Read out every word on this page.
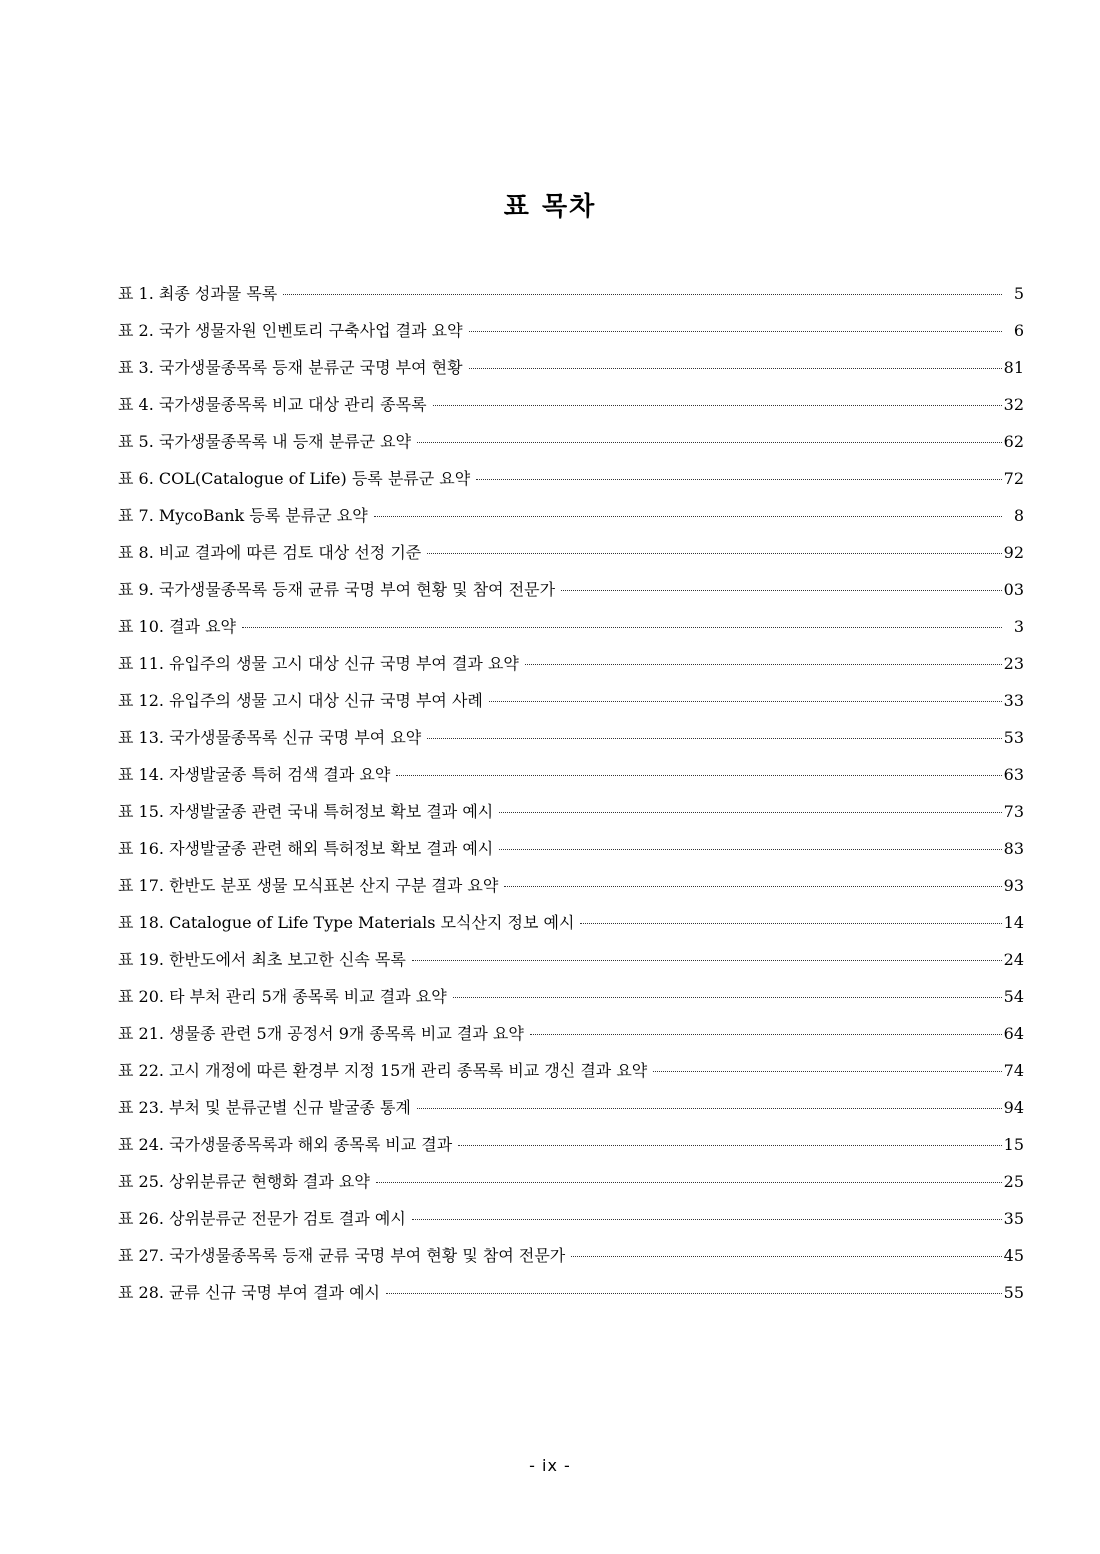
표 목차
표 1. 최종 성과물 목록	5
표 2. 국가 생물자원 인벤토리 구축사업 결과 요약	6
표 3. 국가생물종목록 등재 분류군 국명 부여 현황	81
표 4. 국가생물종목록 비교 대상 관리 종목록	32
표 5. 국가생물종목록 내 등재 분류군 요약	62
표 6. COL(Catalogue of Life) 등록 분류군 요약	72
표 7. MycoBank 등록 분류군 요약	8
표 8. 비교 결과에 따른 검토 대상 선정 기준	92
표 9. 국가생물종목록 등재 균류 국명 부여 현황 및 참여 전문가	03
표 10. 결과 요약	3
표 11. 유입주의 생물 고시 대상 신규 국명 부여 결과 요약	23
표 12. 유입주의 생물 고시 대상 신규 국명 부여 사례	33
표 13. 국가생물종목록 신규 국명 부여 요약	53
표 14. 자생발굴종 특허 검색 결과 요약	63
표 15. 자생발굴종 관련 국내 특허정보 확보 결과 예시	73
표 16. 자생발굴종 관련 해외 특허정보 확보 결과 예시	83
표 17. 한반도 분포 생물 모식표본 산지 구분 결과 요약	93
표 18. Catalogue of Life Type Materials 모식산지 정보 예시	14
표 19. 한반도에서 최초 보고한 신속 목록	24
표 20. 타 부처 관리 5개 종목록 비교 결과 요약	54
표 21. 생물종 관련 5개 공정서 9개 종목록 비교 결과 요약	64
표 22. 고시 개정에 따른 환경부 지정 15개 관리 종목록 비교 갱신 결과 요약	74
표 23. 부처 및 분류군별 신규 발굴종 통계	94
표 24. 국가생물종목록과 해외 종목록 비교 결과	15
표 25. 상위분류군 현행화 결과 요약	25
표 26. 상위분류군 전문가 검토 결과 예시	35
표 27. 국가생물종목록 등재 균류 국명 부여 현황 및 참여 전문가	45
표 28. 균류 신규 국명 부여 결과 예시	55
- ix -
